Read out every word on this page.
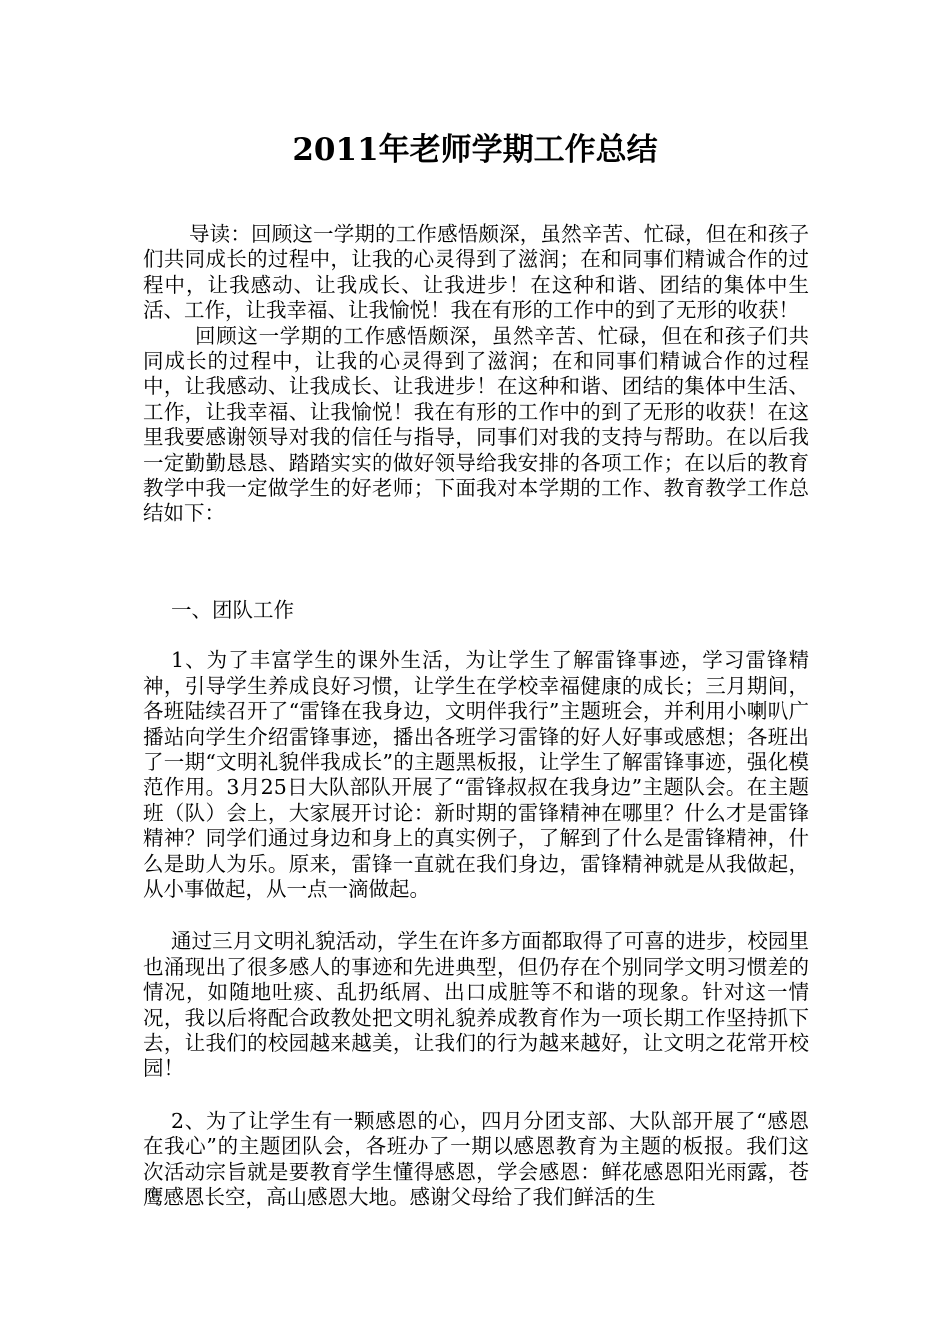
2011年老师学期工作总结

导读：回顾这一学期的工作感悟颇深，虽然辛苦、忙碌，但在和孩子们共同成长的过程中，让我的心灵得到了滋润；在和同事们精诚合作的过程中，让我感动、让我成长、让我进步！在这种和谐、团结的集体中生活、工作，让我幸福、让我愉悦！我在有形的工作中的到了无形的收获！

回顾这一学期的工作感悟颇深，虽然辛苦、忙碌，但在和孩子们共同成长的过程中，让我的心灵得到了滋润；在和同事们精诚合作的过程中，让我感动、让我成长、让我进步！在这种和谐、团结的集体中生活、工作，让我幸福、让我愉悦！我在有形的工作中的到了无形的收获！在这里我要感谢领导对我的信任与指导，同事们对我的支持与帮助。在以后我一定勤勤恳恳、踏踏实实的做好领导给我安排的各项工作；在以后的教育教学中我一定做学生的好老师；下面我对本学期的工作、教育教学工作总结如下：

一、团队工作

1、为了丰富学生的课外生活，为让学生了解雷锋事迹，学习雷锋精神，引导学生养成良好习惯，让学生在学校幸福健康的成长；三月期间，各班陆续召开了“雷锋在我身边，文明伴我行”主题班会，并利用小喇叭广播站向学生介绍雷锋事迹，播出各班学习雷锋的好人好事或感想；各班出了一期“文明礼貌伴我成长”的主题黑板报，让学生了解雷锋事迹，强化模范作用。3月25日大队部队开展了“雷锋叔叔在我身边”主题队会。在主题班（队）会上，大家展开讨论：新时期的雷锋精神在哪里？什么才是雷锋精神？同学们通过身边和身上的真实例子，了解到了什么是雷锋精神，什么是助人为乐。原来，雷锋一直就在我们身边，雷锋精神就是从我做起，从小事做起，从一点一滴做起。

通过三月文明礼貌活动，学生在许多方面都取得了可喜的进步，校园里也涌现出了很多感人的事迹和先进典型，但仍存在个别同学文明习惯差的情况，如随地吐痰、乱扔纸屑、出口成脏等不和谐的现象。针对这一情况，我以后将配合政教处把文明礼貌养成教育作为一项长期工作坚持抓下去，让我们的校园越来越美，让我们的行为越来越好，让文明之花常开校园！

2、为了让学生有一颗感恩的心，四月分团支部、大队部开展了“感恩在我心”的主题团队会，各班办了一期以感恩教育为主题的板报。我们这次活动宗旨就是要教育学生懂得感恩，学会感恩：鲜花感恩阳光雨露，苍鹰感恩长空，高山感恩大地。感谢父母给了我们鲜活的生
